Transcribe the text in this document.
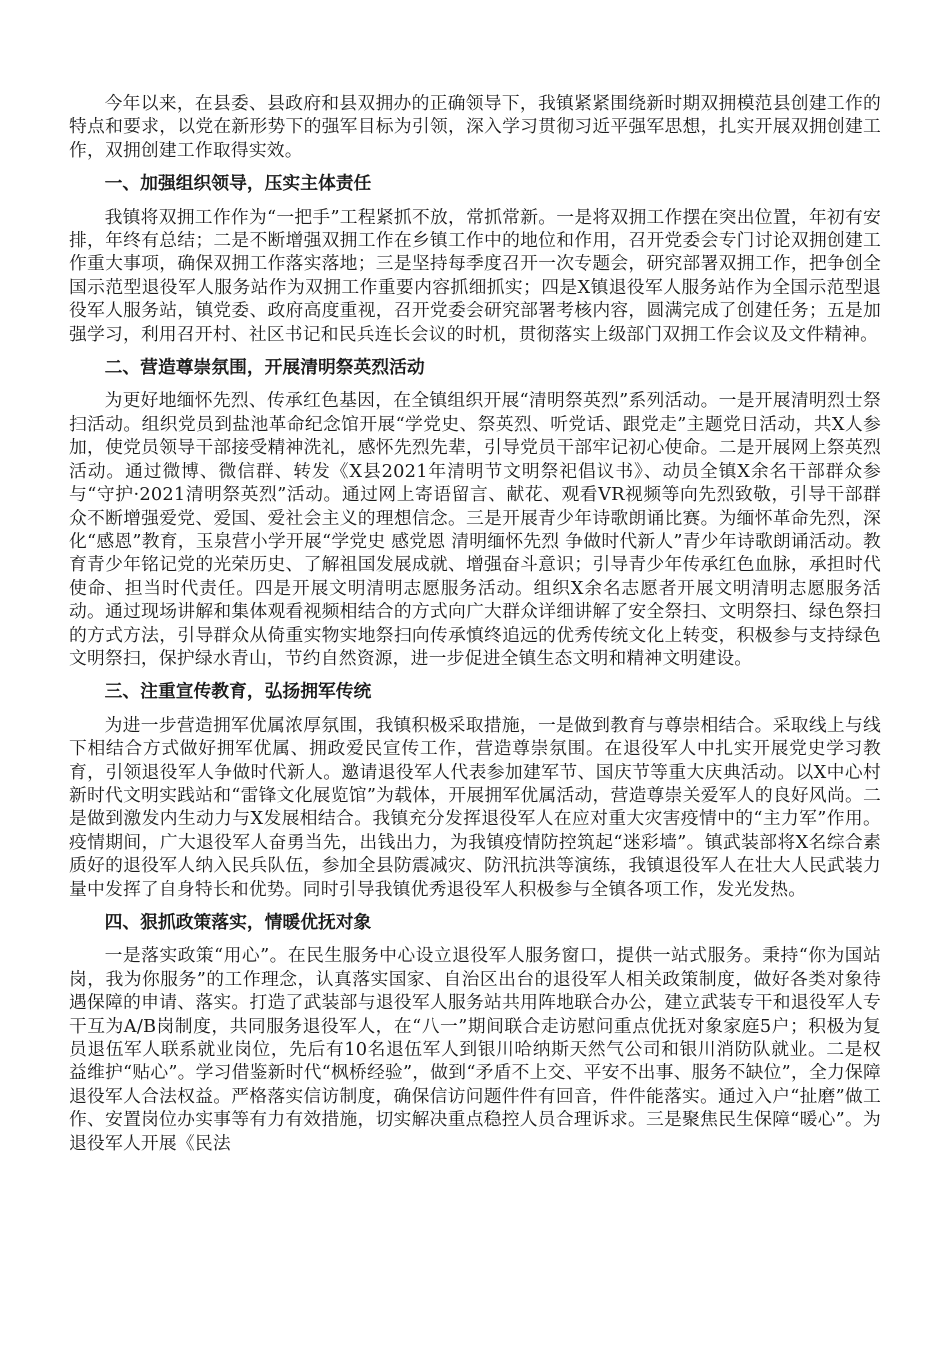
今年以来，在县委、县政府和县双拥办的正确领导下，我镇紧紧围绕新时期双拥模范县创建工作的特点和要求，以党在新形势下的强军目标为引领，深入学习贯彻习近平强军思想，扎实开展双拥创建工作，双拥创建工作取得实效。

一、加强组织领导，压实主体责任

我镇将双拥工作作为“一把手”工程紧抓不放，常抓常新。一是将双拥工作摆在突出位置，年初有安排，年终有总结；二是不断增强双拥工作在乡镇工作中的地位和作用，召开党委会专门讨论双拥创建工作重大事项，确保双拥工作落实落地；三是坚持每季度召开一次专题会，研究部署双拥工作，把争创全国示范型退役军人服务站作为双拥工作重要内容抓细抓实；四是X镇退役军人服务站作为全国示范型退役军人服务站，镇党委、政府高度重视，召开党委会研究部署考核内容，圆满完成了创建任务；五是加强学习，利用召开村、社区书记和民兵连长会议的时机，贯彻落实上级部门双拥工作会议及文件精神。

二、营造尊崇氛围，开展清明祭英烈活动

为更好地缅怀先烈、传承红色基因，在全镇组织开展“清明祭英烈”系列活动。一是开展清明烈士祭扫活动。组织党员到盐池革命纪念馆开展“学党史、祭英烈、听党话、跟党走”主题党日活动，共X人参加，使党员领导干部接受精神洗礼，感怀先烈先辈，引导党员干部牢记初心使命。二是开展网上祭英烈活动。通过微博、微信群、转发《X县2021年清明节文明祭祀倡议书》、动员全镇X余名干部群众参与“守护·2021清明祭英烈”活动。通过网上寄语留言、献花、观看VR视频等向先烈致敬，引导干部群众不断增强爱党、爱国、爱社会主义的理想信念。三是开展青少年诗歌朗诵比赛。为缅怀革命先烈，深化“感恩”教育，玉泉营小学开展“学党史 感党恩 清明缅怀先烈 争做时代新人”青少年诗歌朗诵活动。教育青少年铭记党的光荣历史、了解祖国发展成就、增强奋斗意识；引导青少年传承红色血脉，承担时代使命、担当时代责任。四是开展文明清明志愿服务活动。组织X余名志愿者开展文明清明志愿服务活动。通过现场讲解和集体观看视频相结合的方式向广大群众详细讲解了安全祭扫、文明祭扫、绿色祭扫的方式方法，引导群众从倚重实物实地祭扫向传承慎终追远的优秀传统文化上转变，积极参与支持绿色文明祭扫，保护绿水青山，节约自然资源，进一步促进全镇生态文明和精神文明建设。

三、注重宣传教育，弘扬拥军传统

为进一步营造拥军优属浓厚氛围，我镇积极采取措施，一是做到教育与尊崇相结合。采取线上与线下相结合方式做好拥军优属、拥政爱民宣传工作，营造尊崇氛围。在退役军人中扎实开展党史学习教育，引领退役军人争做时代新人。邀请退役军人代表参加建军节、国庆节等重大庆典活动。以X中心村新时代文明实践站和“雷锋文化展览馆”为载体，开展拥军优属活动，营造尊崇关爱军人的良好风尚。二是做到激发内生动力与X发展相结合。我镇充分发挥退役军人在应对重大灾害疫情中的“主力军”作用。疫情期间，广大退役军人奋勇当先，出钱出力，为我镇疫情防控筑起“迷彩墙”。镇武装部将X名综合素质好的退役军人纳入民兵队伍，参加全县防震减灾、防汛抗洪等演练，我镇退役军人在壮大人民武装力量中发挥了自身特长和优势。同时引导我镇优秀退役军人积极参与全镇各项工作，发光发热。

四、狠抓政策落实，情暖优抚对象

一是落实政策“用心”。在民生服务中心设立退役军人服务窗口，提供一站式服务。秉持“你为国站岗，我为你服务”的工作理念，认真落实国家、自治区出台的退役军人相关政策制度，做好各类对象待遇保障的申请、落实。打造了武装部与退役军人服务站共用阵地联合办公，建立武装专干和退役军人专干互为A/B岗制度，共同服务退役军人，在“八一”期间联合走访慰问重点优抚对象家庭5户；积极为复员退伍军人联系就业岗位，先后有10名退伍军人到银川哈纳斯天然气公司和银川消防队就业。二是权益维护“贴心”。学习借鉴新时代“枫桥经验”，做到“矛盾不上交、平安不出事、服务不缺位”，全力保障退役军人合法权益。严格落实信访制度，确保信访问题件件有回音，件件能落实。通过入户“扯磨”做工作、安置岗位办实事等有力有效措施，切实解决重点稳控人员合理诉求。三是聚焦民生保障“暖心”。为退役军人开展《民法
